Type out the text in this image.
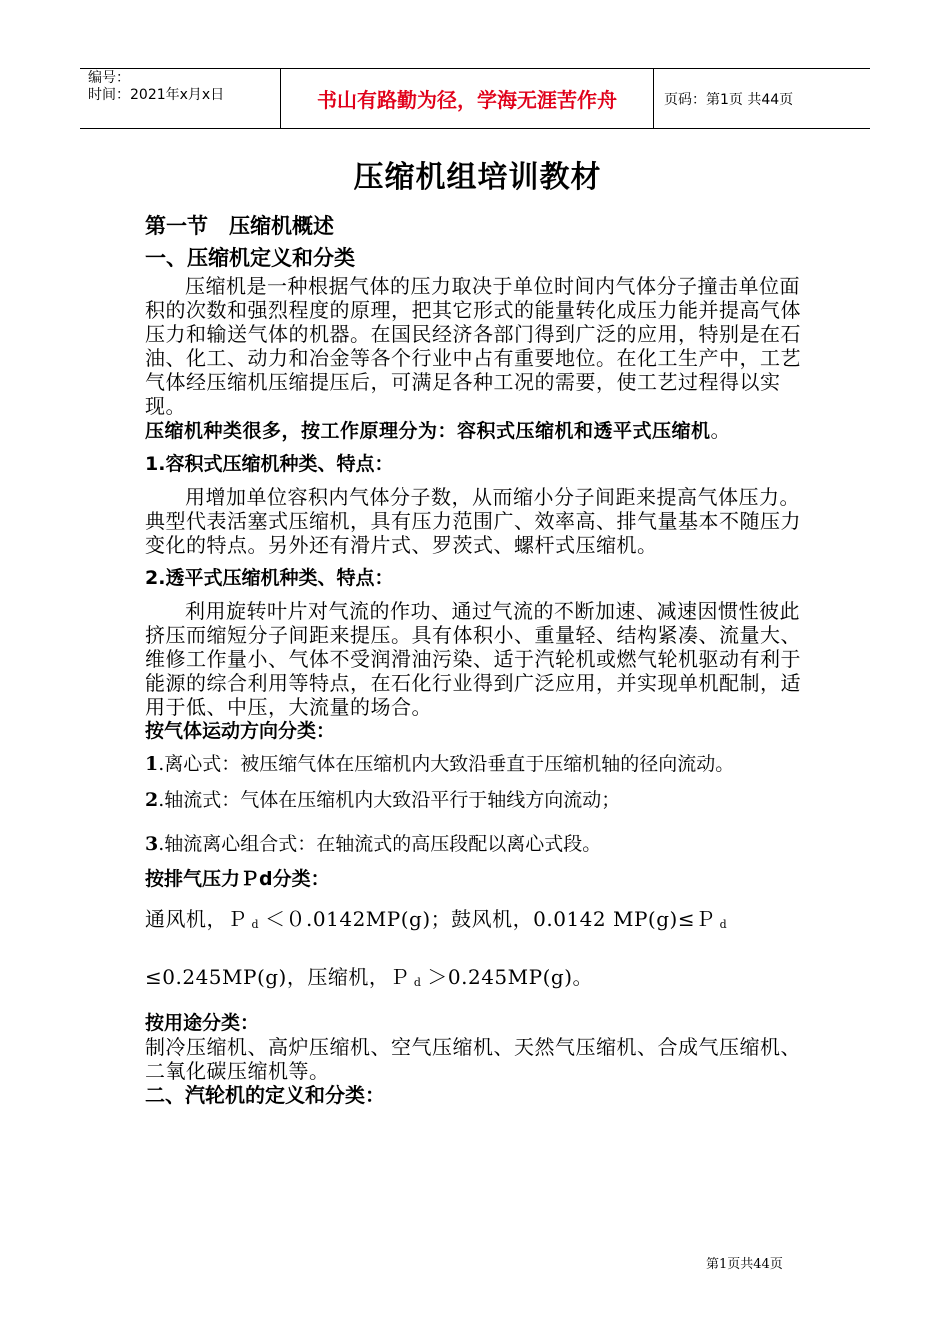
编号：
时间：2021年x月x日	书山有路勤为径，学海无涯苦作舟	页码：第1页 共44页
压缩机组培训教材
第一节　压缩机概述
一、压缩机定义和分类

压缩机是一种根据气体的压力取决于单位时间内气体分子撞击单位面积的次数和强烈程度的原理，把其它形式的能量转化成压力能并提高气体压力和输送气体的机器。在国民经济各部门得到广泛的应用，特别是在石油、化工、动力和冶金等各个行业中占有重要地位。在化工生产中，工艺气体经压缩机压缩提压后，可满足各种工况的需要，使工艺过程得以实现。

压缩机种类很多，按工作原理分为：容积式压缩机和透平式压缩机。

1.容积式压缩机种类、特点：

用增加单位容积内气体分子数，从而缩小分子间距来提高气体压力。典型代表活塞式压缩机，具有压力范围广、效率高、排气量基本不随压力变化的特点。另外还有滑片式、罗茨式、螺杆式压缩机。

2.透平式压缩机种类、特点：

利用旋转叶片对气流的作功、通过气流的不断加速、减速因惯性彼此挤压而缩短分子间距来提压。具有体积小、重量轻、结构紧凑、流量大、维修工作量小、气体不受润滑油污染、适于汽轮机或燃气轮机驱动有利于能源的综合利用等特点，在石化行业得到广泛应用，并实现单机配制，适用于低、中压，大流量的场合。

按气体运动方向分类：

1.离心式：被压缩气体在压缩机内大致沿垂直于压缩机轴的径向流动。

2.轴流式：气体在压缩机内大致沿平行于轴线方向流动；

3.轴流离心组合式：在轴流式的高压段配以离心式段。

按排气压力Ｐd分类：

通风机，Ｐ d ＜０.0142MP(g)；鼓风机，0.0142 MP(g)≤Ｐ d

≤0.245MP(g)，压缩机，Ｐ d ＞0.245MP(g)。

按用途分类：

制冷压缩机、高炉压缩机、空气压缩机、天然气压缩机、合成气压缩机、二氧化碳压缩机等。

二、汽轮机的定义和分类：

第1页共44页
